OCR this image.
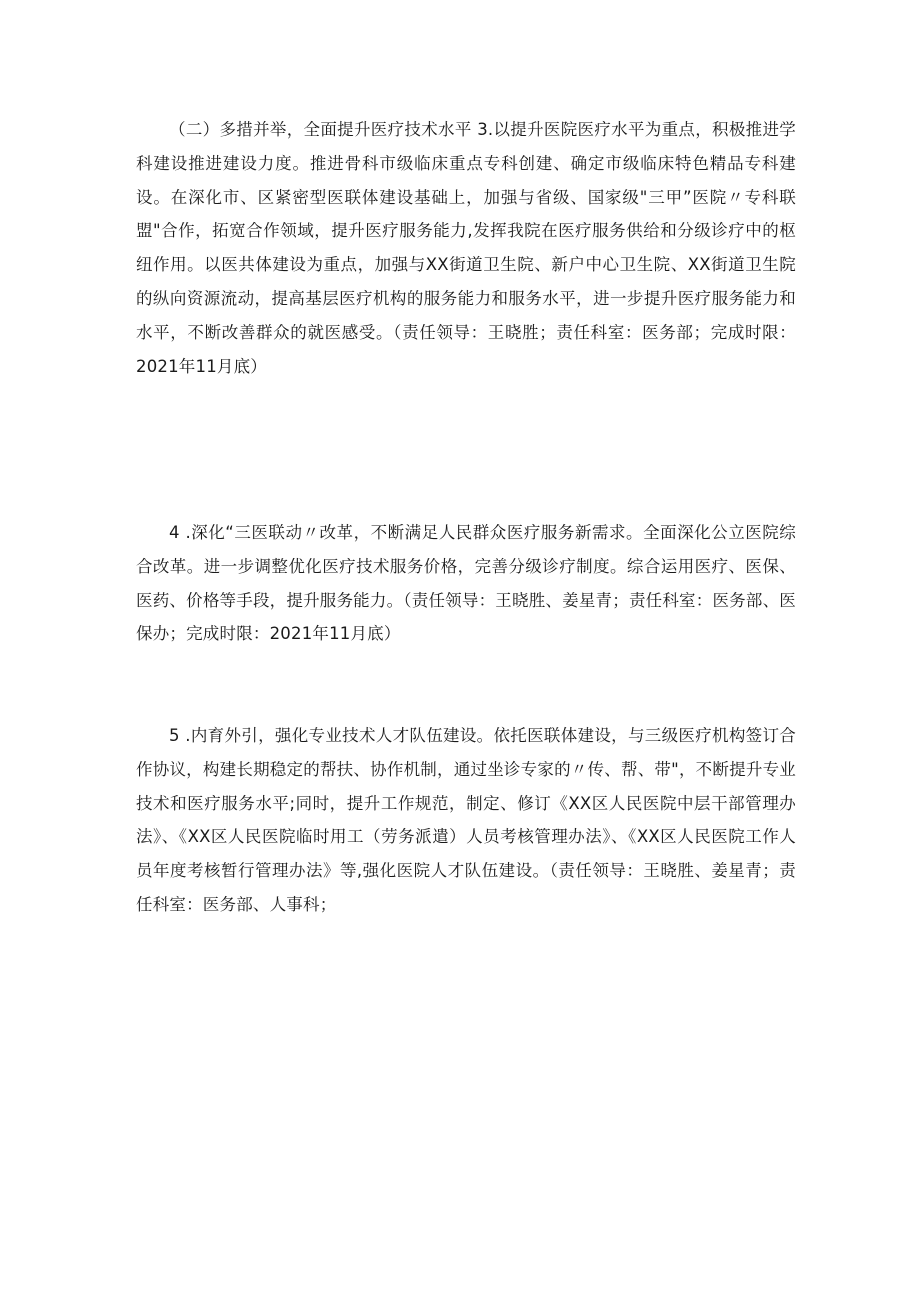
（二）多措并举，全面提升医疗技术水平 3.以提升医院医疗水平为重点，积极推进学科建设推进建设力度。推进骨科市级临床重点专科创建、确定市级临床特色精品专科建设。在深化市、区紧密型医联体建设基础上，加强与省级、国家级"三甲”医院〃专科联盟"合作，拓宽合作领域，提升医疗服务能力,发挥我院在医疗服务供给和分级诊疗中的枢纽作用。以医共体建设为重点，加强与XX街道卫生院、新户中心卫生院、XX街道卫生院的纵向资源流动，提高基层医疗机构的服务能力和服务水平，进一步提升医疗服务能力和水平，不断改善群众的就医感受。（责任领导：王晓胜；责任科室：医务部；完成时限：2021年11月底）

4 .深化“三医联动〃改革，不断满足人民群众医疗服务新需求。全面深化公立医院综合改革。进一步调整优化医疗技术服务价格，完善分级诊疗制度。综合运用医疗、医保、医药、价格等手段，提升服务能力。（责任领导：王晓胜、姜星青；责任科室：医务部、医保办；完成时限：2021年11月底）

5 .内育外引，强化专业技术人才队伍建设。依托医联体建设，与三级医疗机构签订合作协议，构建长期稳定的帮扶、协作机制，通过坐诊专家的〃传、帮、带"，不断提升专业技术和医疗服务水平;同时，提升工作规范，制定、修订《XX区人民医院中层干部管理办法》、《XX区人民医院临时用工（劳务派遣）人员考核管理办法》、《XX区人民医院工作人员年度考核暂行管理办法》等,强化医院人才队伍建设。（责任领导：王晓胜、姜星青；责任科室：医务部、人事科；
